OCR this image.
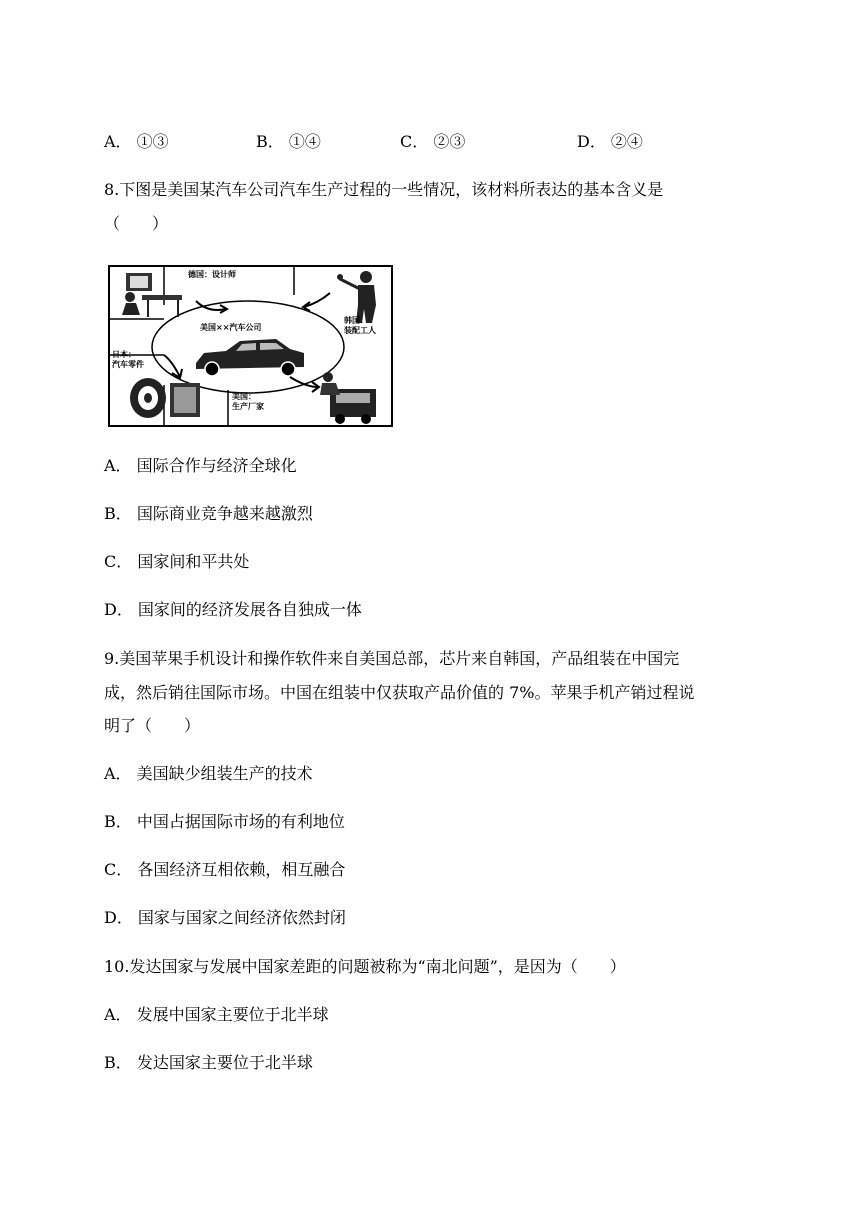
A． ①③	B． ①④	C． ②③	D． ②④
8.下图是美国某汽车公司汽车生产过程的一些情况，该材料所表达的基本含义是
（　　）
美国××汽车公司
德国：设计师
韩国：
装配工人
日本：
汽车零件
美国：
生产厂家
A． 国际合作与经济全球化
B． 国际商业竞争越来越激烈
C． 国家间和平共处
D． 国家间的经济发展各自独成一体
9.美国苹果手机设计和操作软件来自美国总部，芯片来自韩国，产品组装在中国完
成，然后销往国际市场。中国在组装中仅获取产品价值的 7%。苹果手机产销过程说
明了（　　）
A． 美国缺少组装生产的技术
B． 中国占据国际市场的有利地位
C． 各国经济互相依赖，相互融合
D． 国家与国家之间经济依然封闭
10.发达国家与发展中国家差距的问题被称为“南北问题”，是因为（　　）
A． 发展中国家主要位于北半球
B． 发达国家主要位于北半球
